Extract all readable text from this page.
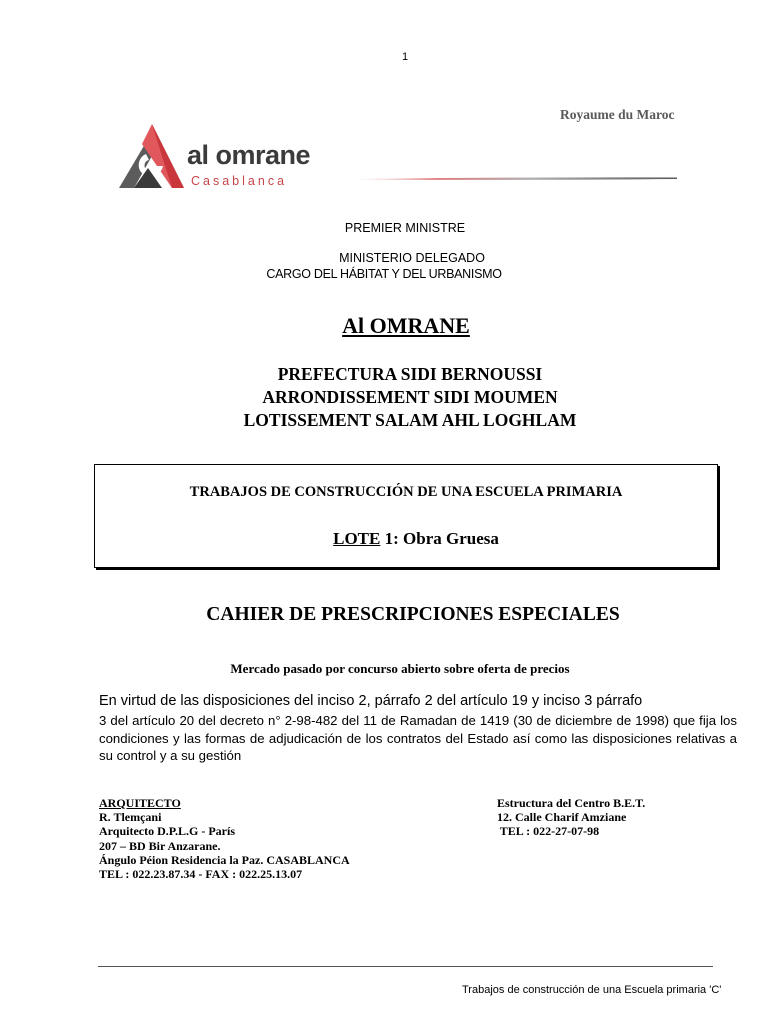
1
al omrane
Casablanca
Royaume du Maroc
PREMIER MINISTRE
MINISTERIO DELEGADO
CARGO DEL HÁBITAT Y DEL URBANISMO
Al OMRANE
PREFECTURA SIDI BERNOUSSI
ARRONDISSEMENT SIDI MOUMEN
LOTISSEMENT SALAM AHL LOGHLAM
TRABAJOS DE CONSTRUCCIÓN DE UNA ESCUELA PRIMARIA
LOTE 1: Obra Gruesa
CAHIER DE PRESCRIPCIONES ESPECIALES
Mercado pasado por concurso abierto sobre oferta de precios
En virtud de las disposiciones del inciso 2, párrafo 2 del artículo 19 y inciso 3 párrafo
3 del artículo 20 del decreto n° 2-98-482 del 11 de Ramadan de 1419 (30 de diciembre de 1998) que fija los condiciones y las formas de adjudicación de los contratos del Estado así como las disposiciones relativas a su control y a su gestión
ARQUITECTO
R. Tlemçani
Arquitecto D.P.L.G - París
207 – BD Bir Anzarane.
Ángulo Péion Residencia la Paz. CASABLANCA
TEL : 022.23.87.34 - FAX : 022.25.13.07
Estructura del Centro B.E.T.
12. Calle Charif Amziane
TEL : 022-27-07-98
Trabajos de construcción de una Escuela primaria 'C'
